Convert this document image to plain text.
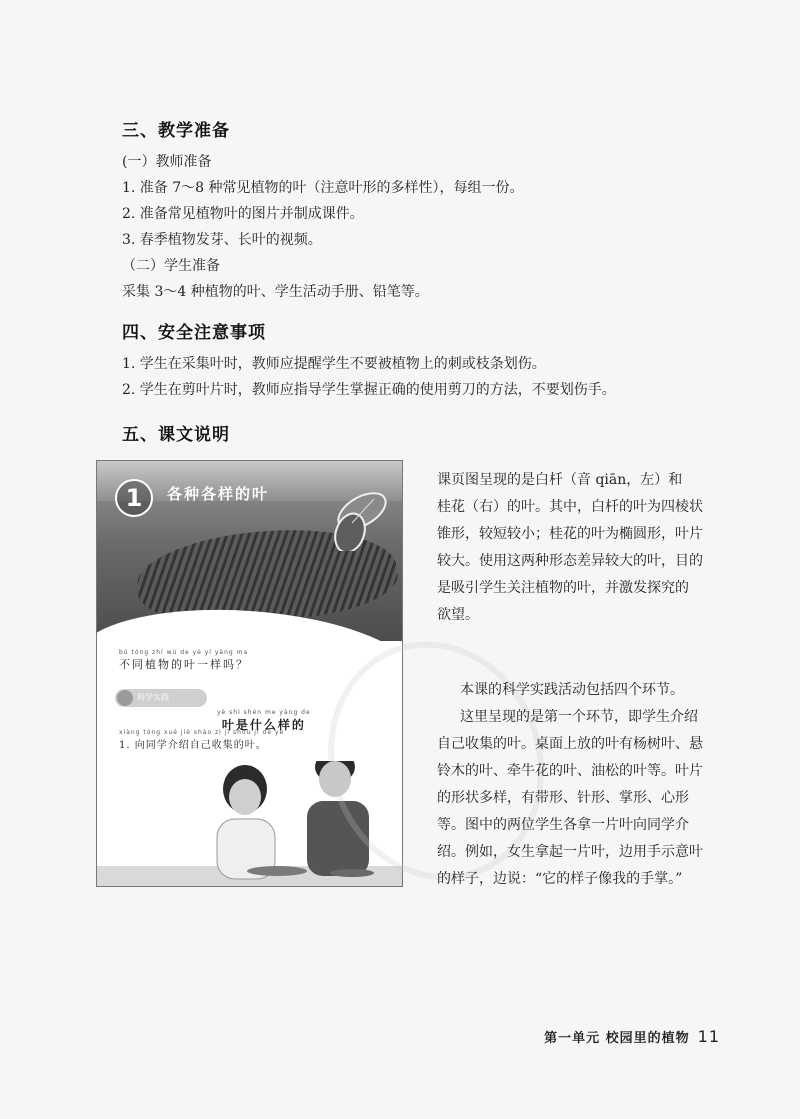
三、教学准备
(一）教师准备
1. 准备 7～8 种常见植物的叶（注意叶形的多样性），每组一份。
2. 准备常见植物叶的图片并制成课件。
3. 春季植物发芽、长叶的视频。
（二）学生准备
采集 3～4 种植物的叶、学生活动手册、铅笔等。
四、安全注意事项
1. 学生在采集叶时，教师应提醒学生不要被植物上的刺或枝条划伤。
2. 学生在剪叶片时，教师应指导学生掌握正确的使用剪刀的方法，不要划伤手。
五、课文说明
1	各种各样的叶
bù tóng zhí wù de yè yí yàng ma
不同植物的叶一样吗？
科学实践
yè shì shén me yàng de
叶是什么样的
xiàng tóng xué jiè shào zì jǐ shōu jí de yè
1. 向同学介绍自己收集的叶。
课页图呈现的是白杄（音 qiān，左）和
桂花（右）的叶。其中，白杄的叶为四棱状
锥形，较短较小；桂花的叶为椭圆形，叶片
较大。使用这两种形态差异较大的叶，目的
是吸引学生关注植物的叶，并激发探究的
欲望。
本课的科学实践活动包括四个环节。
这里呈现的是第一个环节，即学生介绍
自己收集的叶。桌面上放的叶有杨树叶、悬
铃木的叶、牵牛花的叶、油松的叶等。叶片
的形状多样，有带形、针形、掌形、心形
等。图中的两位学生各拿一片叶向同学介
绍。例如，女生拿起一片叶，边用手示意叶
的样子，边说：“它的样子像我的手掌。”
第一单元 校园里的植物 11
